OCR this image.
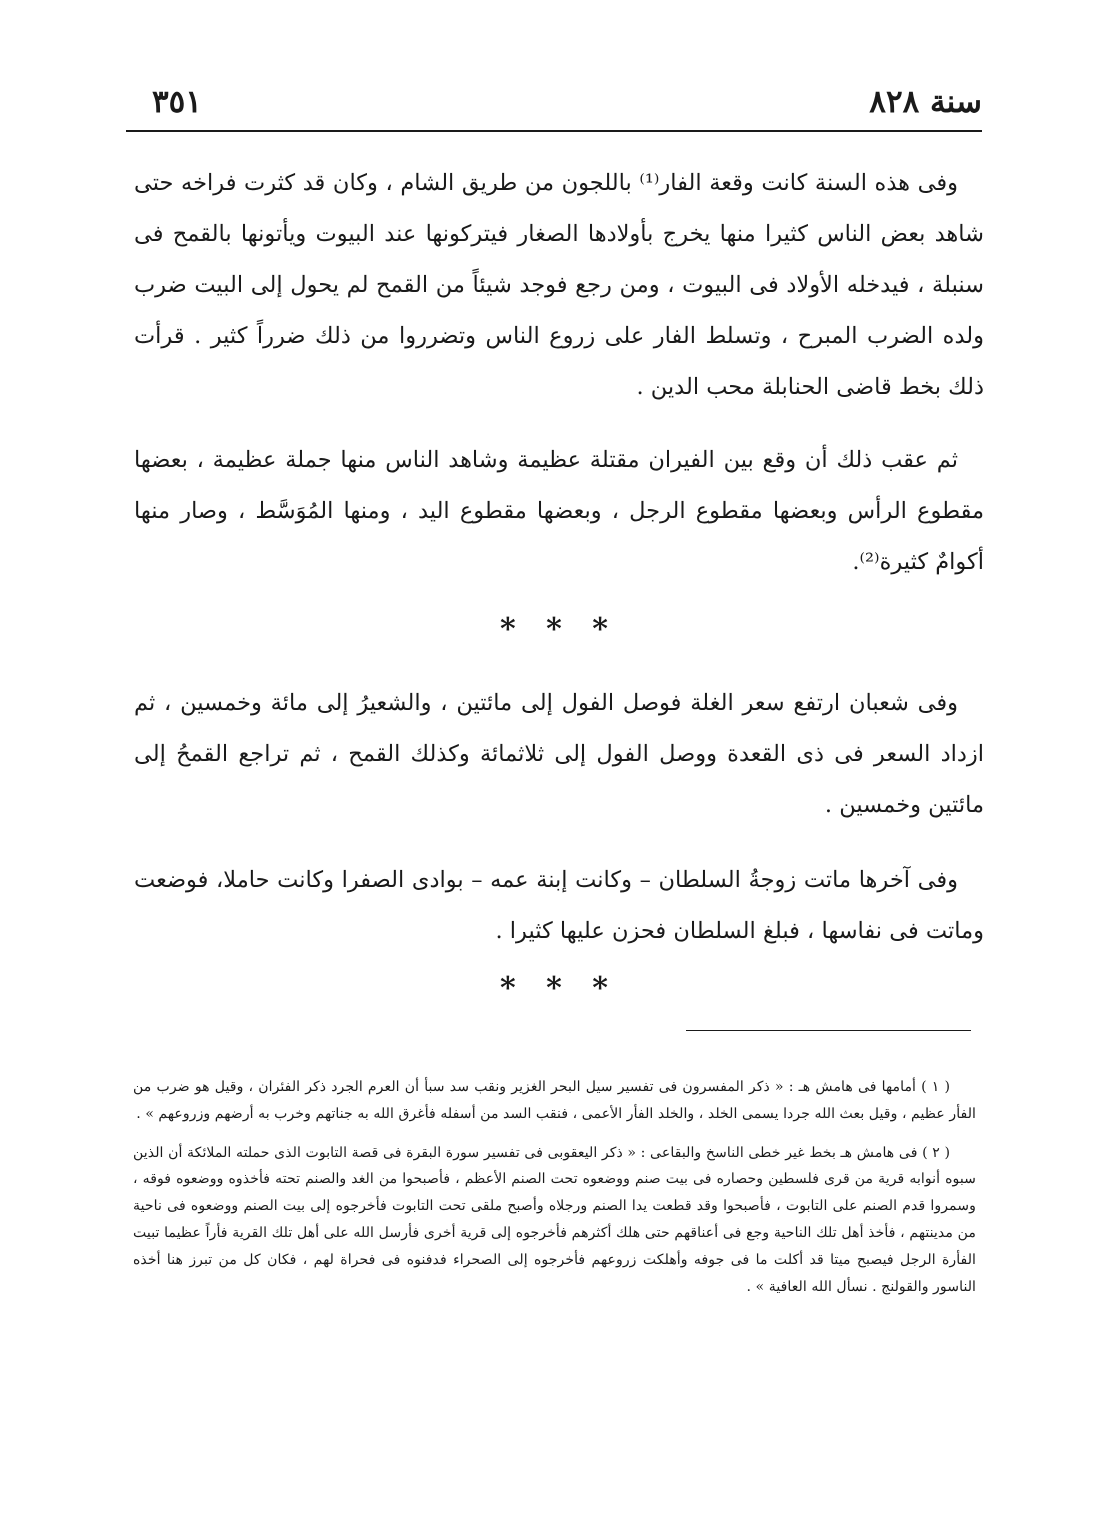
سنة ٨٢٨
٣٥١

وفى هذه السنة كانت وقعة الفار⁽¹⁾ باللجون من طريق الشام ، وكان قد كثرت فراخه حتى شاهد بعض الناس كثيرا منها يخرج بأولادها الصغار فيتركونها عند البيوت ويأتونها بالقمح فى سنبلة ، فيدخله الأولاد فى البيوت ، ومن رجع فوجد شيئاً من القمح لم يحول إلى البيت ضرب ولده الضرب المبرح ، وتسلط الفار على زروع الناس وتضرروا من ذلك ضرراً كثير . قرأت ذلك بخط قاضى الحنابلة محب الدين .

ثم عقب ذلك أن وقع بين الفيران مقتلة عظيمة وشاهد الناس منها جملة عظيمة ، بعضها مقطوع الرأس وبعضها مقطوع الرجل ، وبعضها مقطوع اليد ، ومنها المُوَسَّط ، وصار منها أكوامٌ كثيرة⁽²⁾.

* * *

وفى شعبان ارتفع سعر الغلة فوصل الفول إلى مائتين ، والشعيرُ إلى مائة وخمسين ، ثم ازداد السعر فى ذى القعدة ووصل الفول إلى ثلاثمائة وكذلك القمح ، ثم تراجع القمحُ إلى مائتين وخمسين .

وفى آخرها ماتت زوجةُ السلطان – وكانت إبنة عمه – بوادى الصفرا وكانت حاملا، فوضعت وماتت فى نفاسها ، فبلغ السلطان فحزن عليها كثيرا .

* * *

( ١ ) أمامها فى هامش هـ : « ذكر المفسرون فى تفسير سيل البحر الغزير ونقب سد سبأ أن العرم الجرد ذكر الفئران ، وقيل هو ضرب من الفأر عظيم ، وقيل بعث الله جردا يسمى الخلد ، والخلد الفأر الأعمى ، فنقب السد من أسفله فأغرق الله به جناتهم وخرب به أرضهم وزروعهم » .

( ٢ ) فى هامش هـ بخط غير خطى الناسخ والبقاعى : « ذكر اليعقوبى فى تفسير سورة البقرة فى قصة التابوت الذى حملته الملائكة أن الذين سبوه أنوابه قرية من قرى فلسطين وحصاره فى بيت صنم ووضعوه تحت الصنم الأعظم ، فأصبحوا من الغد والصنم تحته فأخذوه ووضعوه فوقه ، وسمروا قدم الصنم على التابوت ، فأصبحوا وقد قطعت يدا الصنم ورجلاه وأصبح ملقى تحت التابوت فأخرجوه إلى بيت الصنم ووضعوه فى ناحية من مدينتهم ، فأخذ أهل تلك الناحية وجع فى أعناقهم حتى هلك أكثرهم فأخرجوه إلى قرية أخرى فأرسل الله على أهل تلك القرية فأراً عظيما تبيت الفأرة الرجل فيصبح ميتا قد أكلت ما فى جوفه وأهلكت زروعهم فأخرجوه إلى الصحراء فدفنوه فى فحراة لهم ، فكان كل من تبرز هنا أخذه الناسور والقولنج . نسأل الله العافية » .
